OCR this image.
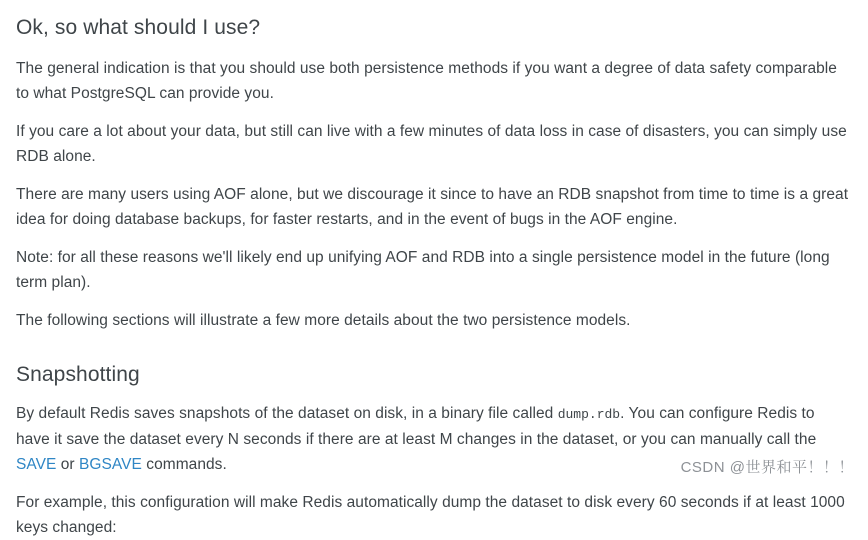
Ok, so what should I use?

The general indication is that you should use both persistence methods if you want a degree of data safety comparable to what PostgreSQL can provide you.

If you care a lot about your data, but still can live with a few minutes of data loss in case of disasters, you can simply use RDB alone.

There are many users using AOF alone, but we discourage it since to have an RDB snapshot from time to time is a great idea for doing database backups, for faster restarts, and in the event of bugs in the AOF engine.

Note: for all these reasons we'll likely end up unifying AOF and RDB into a single persistence model in the future (long term plan).

The following sections will illustrate a few more details about the two persistence models.

Snapshotting

By default Redis saves snapshots of the dataset on disk, in a binary file called dump.rdb. You can configure Redis to have it save the dataset every N seconds if there are at least M changes in the dataset, or you can manually call the SAVE or BGSAVE commands.

For example, this configuration will make Redis automatically dump the dataset to disk every 60 seconds if at least 1000 keys changed:

CSDN @世界和平！！！
